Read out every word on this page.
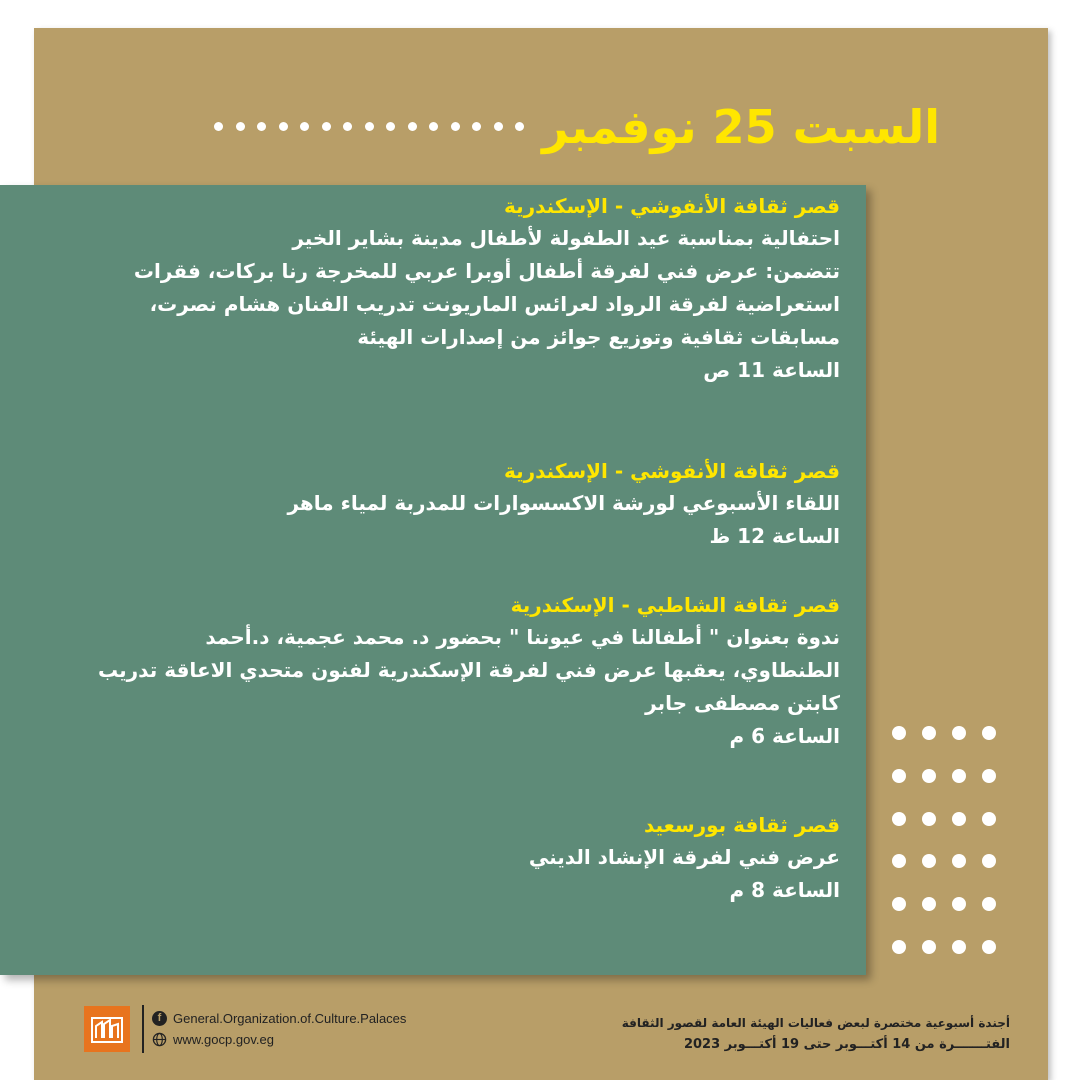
السبت 25 نوفمبر
قصر ثقافة الأنفوشي - الإسكندرية
احتفالية بمناسبة عيد الطفولة لأطفال مدينة بشاير الخير
تتضمن: عرض فني لفرقة أطفال أوبرا عربي للمخرجة رنا بركات، فقرات
استعراضية لفرقة الرواد لعرائس الماريونت تدريب الفنان هشام نصرت،
مسابقات ثقافية وتوزيع جوائز من إصدارات الهيئة
الساعة 11 ص
قصر ثقافة الأنفوشي - الإسكندرية
اللقاء الأسبوعي لورشة الاكسسوارات للمدربة لمياء ماهر
الساعة 12 ظ
قصر ثقافة الشاطبي - الإسكندرية
ندوة بعنوان " أطفالنا في عيوننا " بحضور د. محمد عجمية، د.أحمد
الطنطاوي، يعقبها عرض فني لفرقة الإسكندرية لفنون متحدي الاعاقة تدريب
كابتن مصطفى جابر
الساعة 6 م
قصر ثقافة بورسعيد
عرض فني لفرقة الإنشاد الديني
الساعة 8 م
f General.Organization.of.Culture.Palaces
www.gocp.gov.eg
أجندة أسبوعية مختصرة لبعض فعاليات الهيئة العامة لقصور الثقافة
الفتـــــــرة من 14 أكتـــوبر حتى 19 أكتـــوبر 2023
